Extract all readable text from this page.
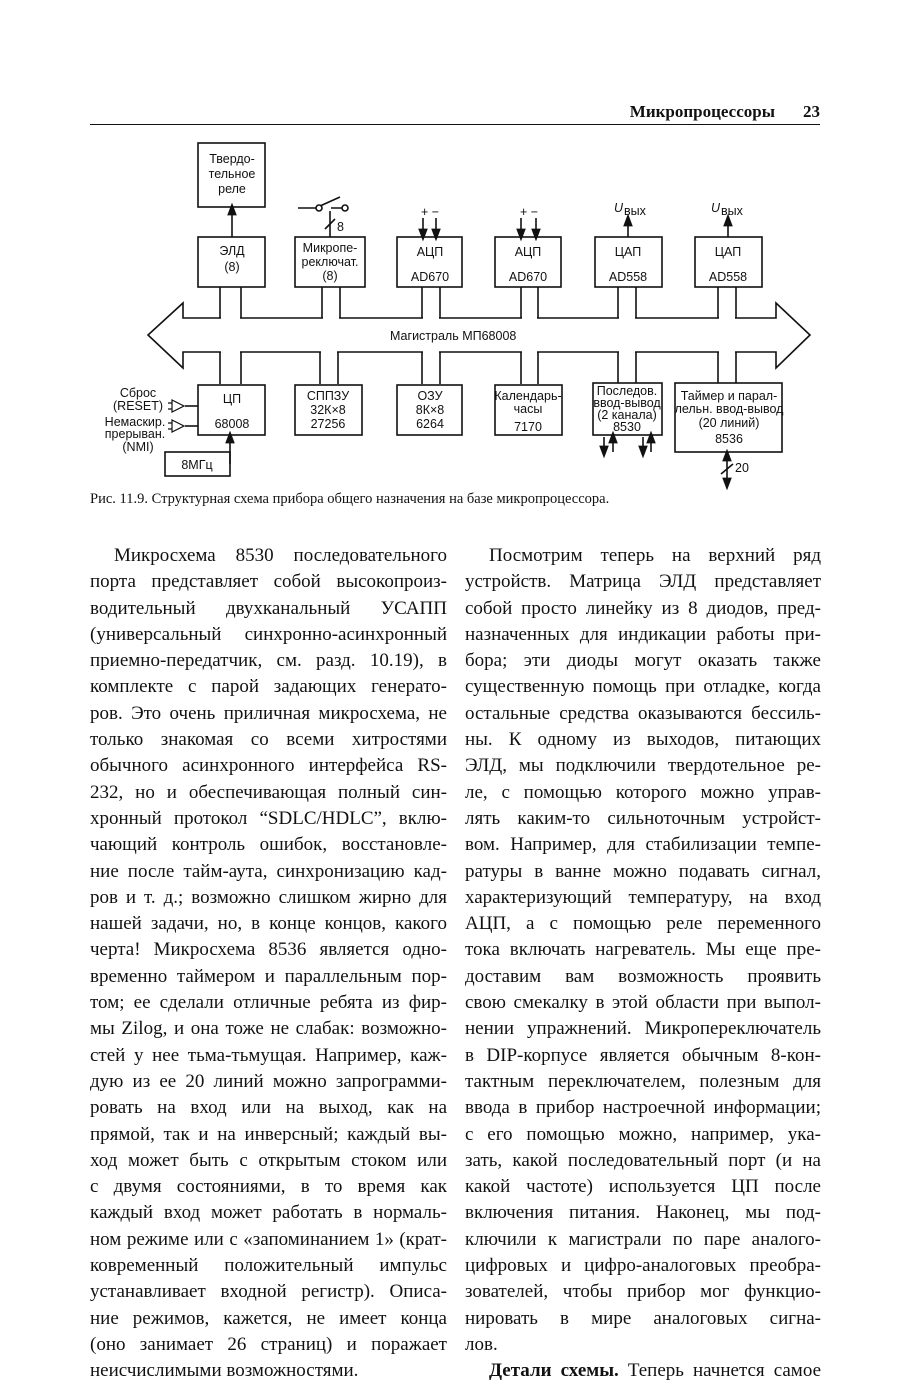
Микропроцессоры 23
Твердо-
тельное
реле
ЭЛД
(8)
Микропе-
реключат.
(8)
8
+ −	+ −
АЦП
AD670
АЦП
AD670
ЦАП
AD558
ЦАП
AD558
U вых	U вых
Магистраль МП68008
ЦП
68008
СППЗУ
32К×8
27256
ОЗУ
8К×8
6264
Календарь-
часы
7170
Последов.
ввод-вывод
(2 канала)
8530
Таймер и парал-
лельн. ввод-вывод
(20 линий)
8536
20
Сброс
(RESET)
Немаскир.
прерыван.
(NMI)
8МГц
Рис. 11.9. Структурная схема прибора общего назначения на базе микропроцессора.
Микросхема 8530 последовательного
порта представляет собой высокопроиз-
водительный двухканальный УСАПП
(универсальный синхронно-асинхронный
приемно-передатчик, см. разд. 10.19), в
комплекте с парой задающих генерато-
ров. Это очень приличная микросхема, не
только знакомая со всеми хитростями
обычного асинхронного интерфейса RS-
232, но и обеспечивающая полный син-
хронный протокол “SDLC/HDLC”, вклю-
чающий контроль ошибок, восстановле-
ние после тайм-аута, синхронизацию кад-
ров и т. д.; возможно слишком жирно для
нашей задачи, но, в конце концов, какого
черта! Микросхема 8536 является одно-
временно таймером и параллельным пор-
том; ее сделали отличные ребята из фир-
мы Zilog, и она тоже не слабак: возможно-
стей у нее тьма-тьмущая. Например, каж-
дую из ее 20 линий можно запрограмми-
ровать на вход или на выход, как на
прямой, так и на инверсный; каждый вы-
ход может быть с открытым стоком или
с двумя состояниями, в то время как
каждый вход может работать в нормаль-
ном режиме или с «запоминанием 1» (крат-
ковременный положительный импульс
устанавливает входной регистр). Описа-
ние режимов, кажется, не имеет конца
(оно занимает 26 страниц) и поражает
неисчислимыми возможностями.
Посмотрим теперь на верхний ряд
устройств. Матрица ЭЛД представляет
собой просто линейку из 8 диодов, пред-
назначенных для индикации работы при-
бора; эти диоды могут оказать также
существенную помощь при отладке, когда
остальные средства оказываются бессиль-
ны. К одному из выходов, питающих
ЭЛД, мы подключили твердотельное ре-
ле, с помощью которого можно управ-
лять каким-то сильноточным устройст-
вом. Например, для стабилизации темпе-
ратуры в ванне можно подавать сигнал,
характеризующий температуру, на вход
АЦП, а с помощью реле переменного
тока включать нагреватель. Мы еще пре-
доставим вам возможность проявить
свою смекалку в этой области при выпол-
нении упражнений. Микропереключатель
в DIP-корпусе является обычным 8-кон-
тактным переключателем, полезным для
ввода в прибор настроечной информации;
с его помощью можно, например, ука-
зать, какой последовательный порт (и на
какой частоте) используется ЦП после
включения питания. Наконец, мы под-
ключили к магистрали по паре аналого-
цифровых и цифро-аналоговых преобра-
зователей, чтобы прибор мог функцио-
нировать в мире аналоговых сигна-
лов.
Детали схемы. Теперь начнется самое
